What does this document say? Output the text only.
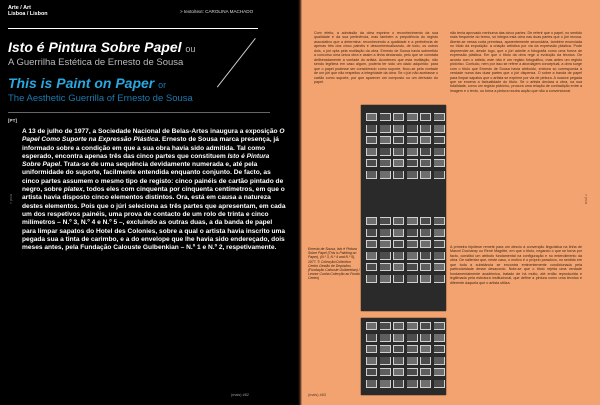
Arte / Art
Lisboa / Lisbon	> texto/text: CAROLINA MACHADO
Isto é Pintura Sobre Papel ou
A Guerrilha Estética de Ernesto de Sousa
This is Paint on Paper or
The Aesthetic Guerrilla of Ernesto de Sousa
[PT]
A 13 de julho de 1977, a Sociedade Nacional de Belas-Artes inaugura a exposição O Papel Como Suporte na Expressão Plástica. Ernesto de Sousa marca presença, já informado sobre a condição em que a sua obra havia sido admitida. Tal como esperado, encontra apenas três das cinco partes que constituem Isto é Pintura Sobre Papel. Trata-se de uma sequência devidamente numerada e, até pela uniformidade do suporte, facilmente entendida enquanto conjunto. De facto, as cinco partes assumem o mesmo tipo de registo: cinco painéis de cartão pintado de negro, sobre platex, todos eles com cinquenta por cinquenta centímetros, em que o artista havia disposto cinco elementos distintos. Ora, está em causa a natureza destes elementos. Pois que o júri seleciona as três partes que apresentam, em cada um dos respetivos painéis, uma prova de contacto de um rolo de trinta e cinco milímetros – N.º 3, N.º 4 e N.º 5 –, excluindo as outras duas, a da banda de papel para limpar sapatos do Hotel des Colonies, sobre a qual o artista havia inscrito uma pegada sua a tinta de carimbo, e a do envelope que lhe havia sido endereçado, dois meses antes, pela Fundação Calouste Gulbenkian – N.º 1 e N.º 2, respetivamente.
(mais) #82
> ps/a
Com efeito, a admissão da obra exprime o reconhecimento da sua qualidade e da sua pertinência, mas também a prepotência do registo associativo que a determina: reconhecendo a qualidade e a pertinência de apenas três dos cinco painéis e descontextualizando, de todo, os outros dois, o júri opta pela mutilação da obra. Ernesto de Sousa havia submetido a concurso uma única obra e assim a tinha declarado, pelo que se constata deliberadamente a vontade do artista. Aconteceu que esta mutilação, não sendo legítima em caso algum, poderia ter sido um dado adquirido: para que o papel pudesse ser considerado como suporte, ficou-se pela vontade de um júri que não respeitou a integridade da obra. Se o júri não aceitasse o cartão como suporte, por que aparecer um composto ou um derivado do papel.
não tenia aprovado nenhuma das cinco partes. De referir que o papel, no sentido mais frequente do termo, só integra esta obra nas duas partes que o júri recusa. Atente-se nessa curta premissa, aparentemente secundária, também enunciada no título da exposição: a criação artística por via da expressão plástica. Pode depreender-se, desde logo, que o júri admite a fotografia como uma forma de expressão plástica. Em que o título da obra rege a evolução da técnica. De acordo com o artista, este não é um registo fotográfico, mas antes um registo pictórico. Contudo, nem por isso se refere a abordagem conceptual, a obra surge com o título que Ernesto de Sousa havia atribuído, embora só corresponda à verdade numa das duas partes que o júri dispensa. O sobre a banda de papel para limpar sapatos que o artista se exprime por via de pintura. A nuance pegada que se encena a factualidade do título. Se o artista declara a obra, na sua totalidade, como um registo pictórico, procura uma relação de contradição entre a imagem e o texto, ou torna a pintura noutra acção que não a convencional.
A primeira hipótese remete para um desvio à convenção linguística na linha de Marcel Duchamp ou René Magritte, em que o título, negando o que se torna por facto, constitui um atributo fundamental na configuração e no entendimento da obra. De salientar que, neste caso, o motivo é o próprio paradoxo, no sentido em que toda a substância se encontra eminentemente condicionada pela particularidade desse desacordo. Note-se que o título rejeita uma verdade fundamentalmente académica, tratado de há muito, até então reproduzida e legitimada pela estrutura institucional, que define a pintura como uma técnica e diferente daquela que o artista utiliza.
Ernesto de Sousa, Isto é Pintura Sobre Papel (This is Painting on Paper), (N.º 3, N.º 4 and N.º 5), 1977. © Colecção/Collection Centro Gestão de Depósitos (Fundação Calouste Gulbenkian) / Leonor Cunha Colecção ao Fundo Centro)
(mais) #83
> ps/a
